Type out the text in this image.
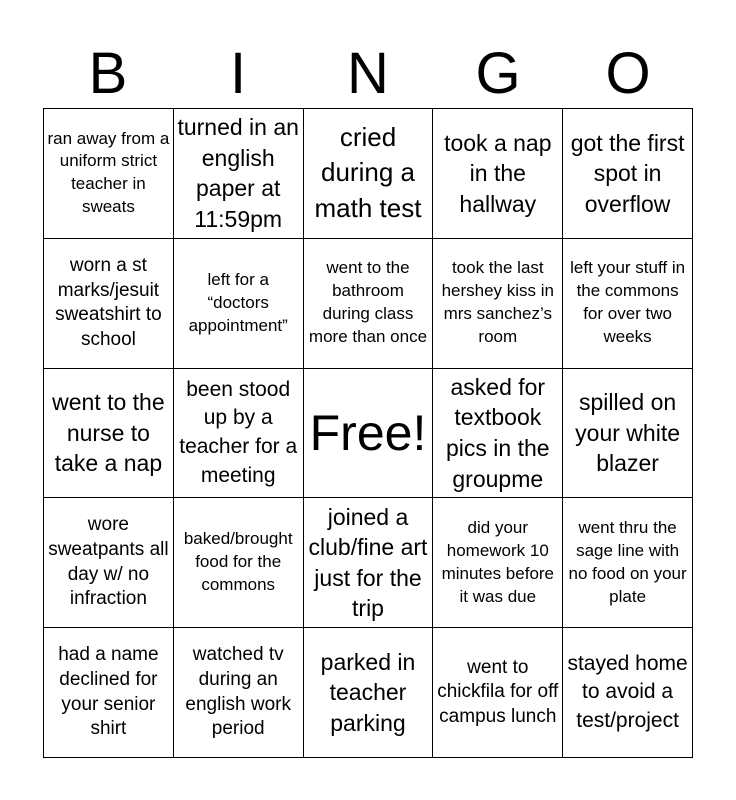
B	I	N	G	O
ran away from a uniform strict teacher in sweats
turned in an english paper at 11:59pm
cried during a math test
took a nap in the hallway
got the first spot in overflow
worn a st marks/jesuit sweatshirt to school
left for a “doctors appointment”
went to the bathroom during class more than once
took the last hershey kiss in mrs sanchez’s room
left your stuff in the commons for over two weeks
went to the nurse to take a nap
been stood up by a teacher for a meeting
Free!
asked for textbook pics in the groupme
spilled on your white blazer
wore sweatpants all day w/ no infraction
baked/brought food for the commons
joined a club/fine art just for the trip
did your homework 10 minutes before it was due
went thru the sage line with no food on your plate
had a name declined for your senior shirt
watched tv during an english work period
parked in teacher parking
went to chickfila for off campus lunch
stayed home to avoid a test/project
